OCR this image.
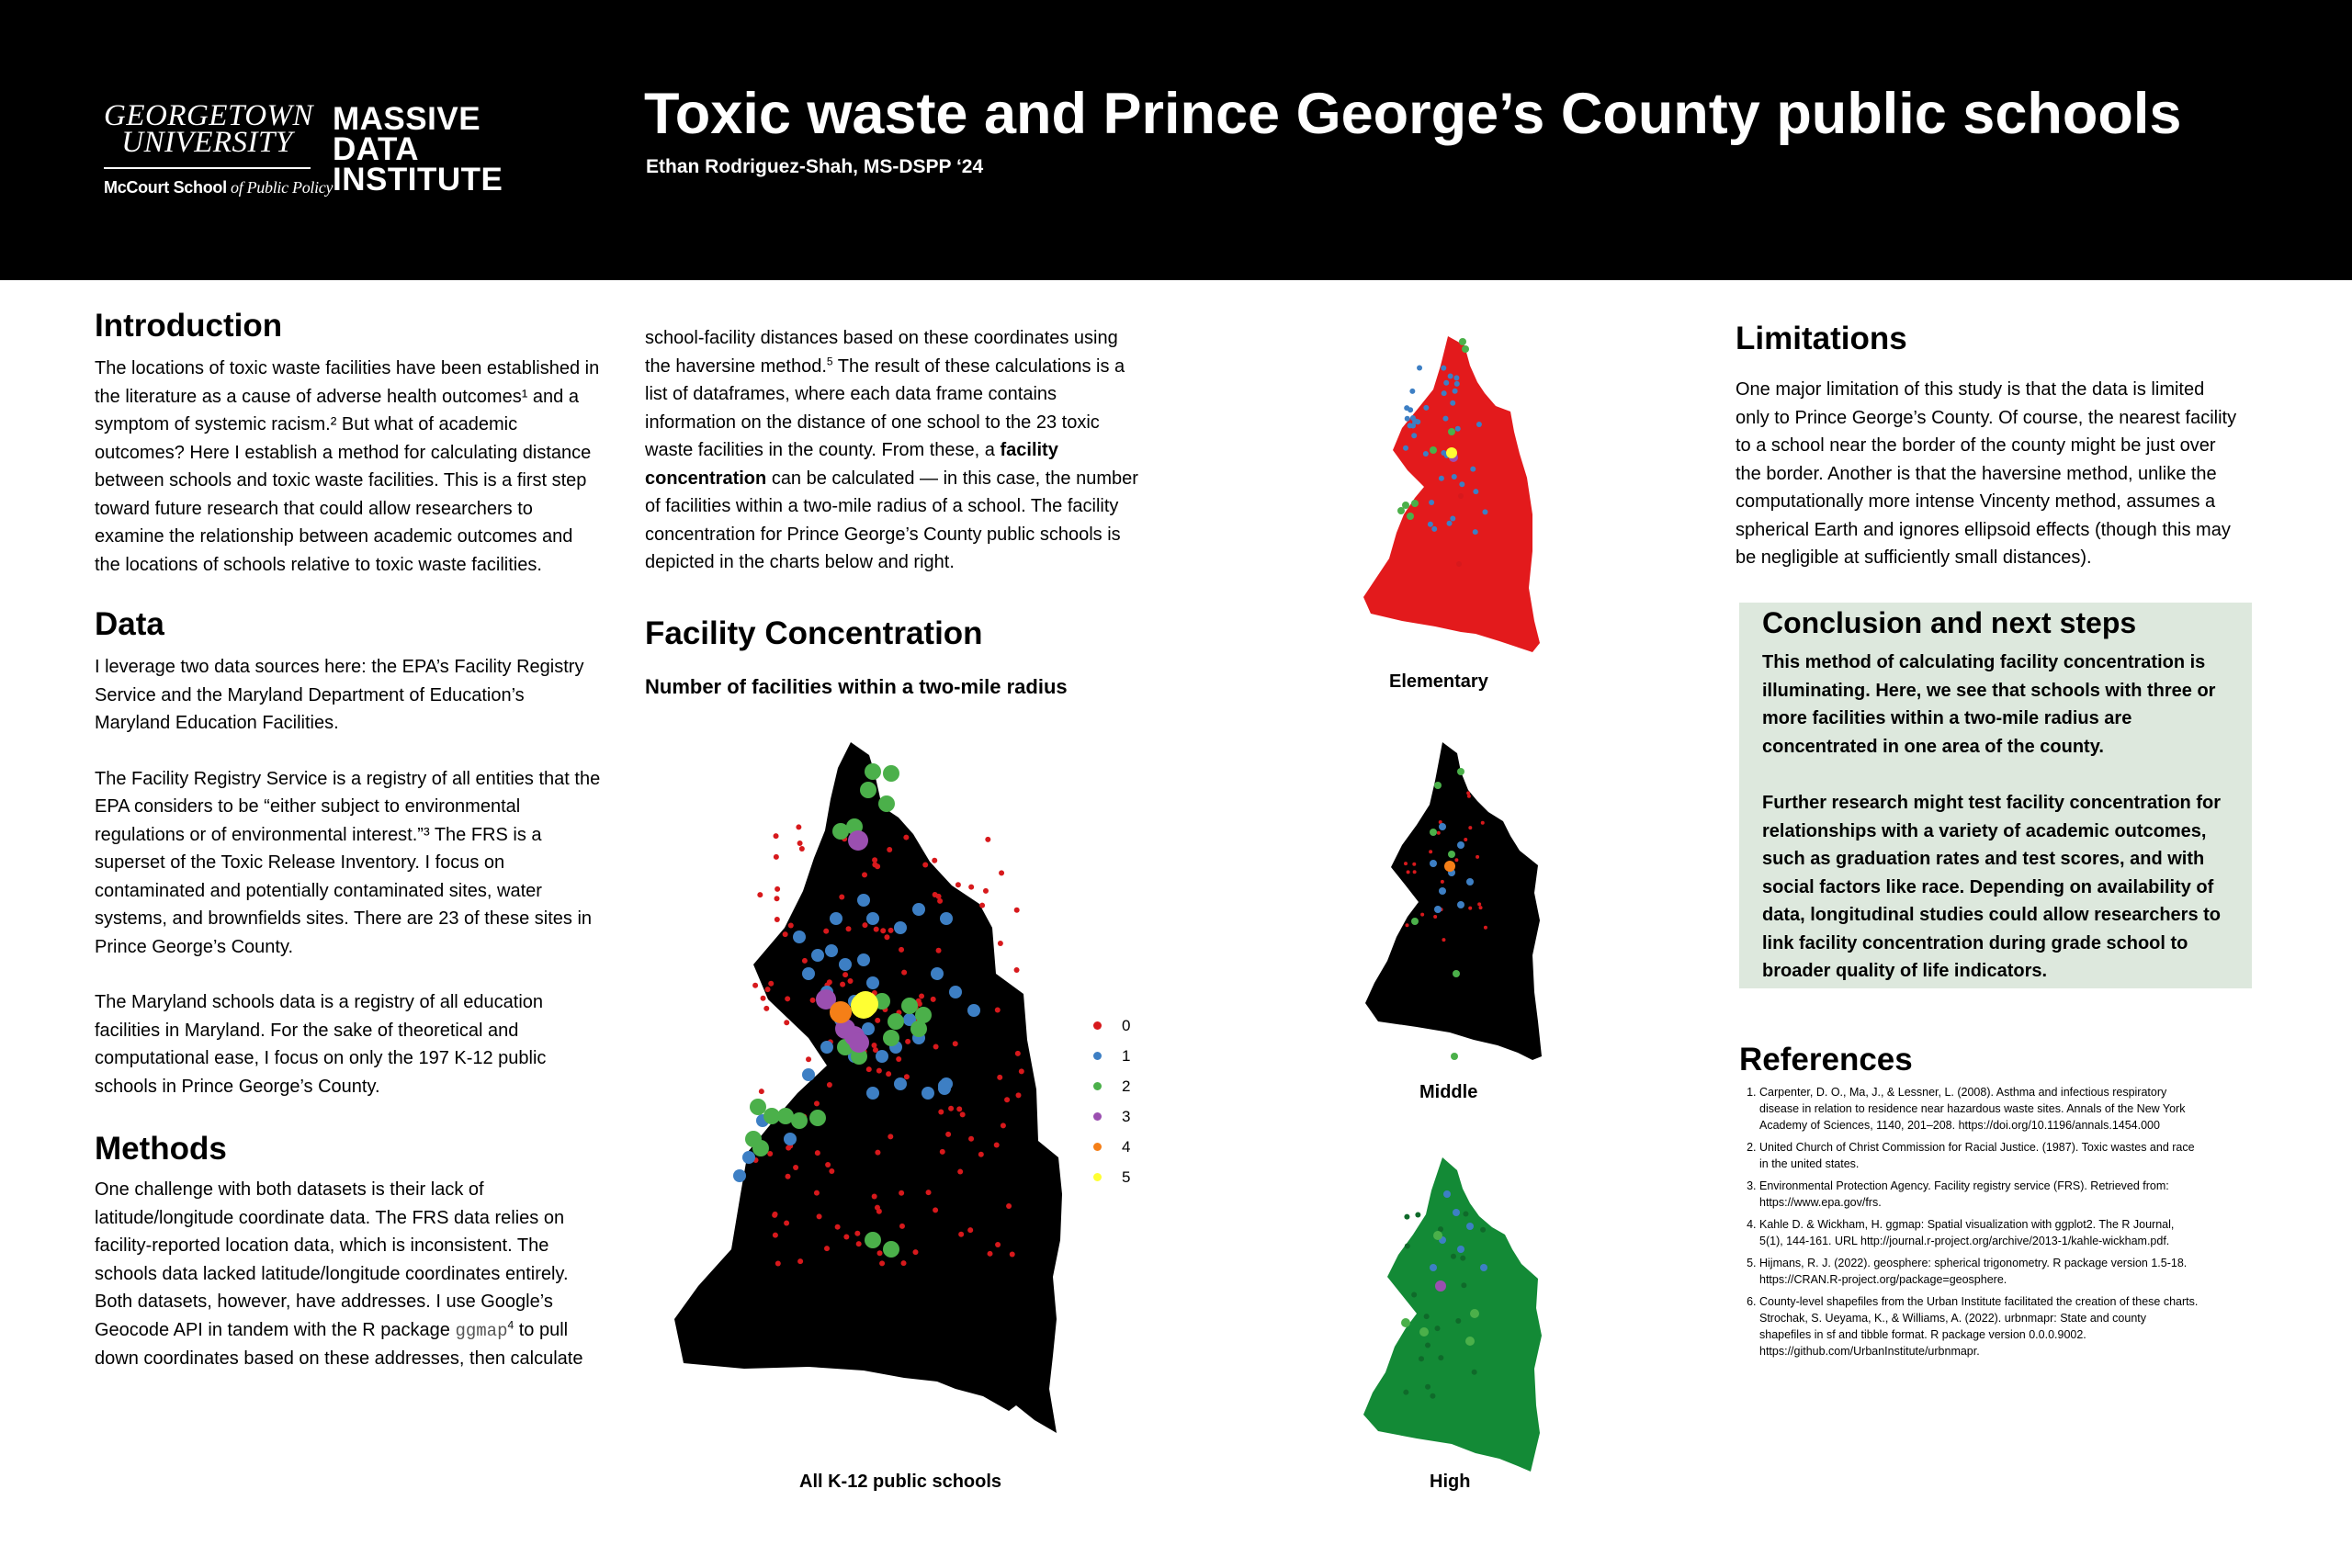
GEORGETOWN
UNIVERSITY
McCourt School of Public Policy
MASSIVE
DATA
INSTITUTE
Toxic waste and Prince George’s County public schools
Ethan Rodriguez-Shah, MS-DSPP ‘24
Introduction
The locations of toxic waste facilities have been established in
the literature as a cause of adverse health outcomes¹ and a
symptom of systemic racism.² But what of academic
outcomes? Here I establish a method for calculating distance
between schools and toxic waste facilities. This is a first step
toward future research that could allow researchers to
examine the relationship between academic outcomes and
the locations of schools relative to toxic waste facilities.
Data
I leverage two data sources here: the EPA’s Facility Registry
Service and the Maryland Department of Education’s
Maryland Education Facilities.
The Facility Registry Service is a registry of all entities that the
EPA considers to be “either subject to environmental
regulations or of environmental interest.”³ The FRS is a
superset of the Toxic Release Inventory. I focus on
contaminated and potentially contaminated sites, water
systems, and brownfields sites. There are 23 of these sites in
Prince George’s County.
The Maryland schools data is a registry of all education
facilities in Maryland. For the sake of theoretical and
computational ease, I focus on only the 197 K-12 public
schools in Prince George’s County.
Methods
One challenge with both datasets is their lack of
latitude/longitude coordinate data. The FRS data relies on
facility-reported location data, which is inconsistent. The
schools data lacked latitude/longitude coordinates entirely.
Both datasets, however, have addresses. I use Google’s
Geocode API in tandem with the R package ggmap$^4$ to pull
down coordinates based on these addresses, then calculate
school-facility distances based on these coordinates using
the haversine method.$^5$ The result of these calculations is a
list of dataframes, where each data frame contains
information on the distance of one school to the 23 toxic
waste facilities in the county. From these, a facility
concentration can be calculated — in this case, the number
of facilities within a two-mile radius of a school. The facility
concentration for Prince George’s County public schools is
depicted in the charts below and right.
Facility Concentration
Number of facilities within a two-mile radius
0
1
2
3
4
5
All K-12 public schools
Elementary
Middle
High
Limitations
One major limitation of this study is that the data is limited
only to Prince George’s County. Of course, the nearest facility
to a school near the border of the county might be just over
the border. Another is that the haversine method, unlike the
computationally more intense Vincenty method, assumes a
spherical Earth and ignores ellipsoid effects (though this may
be negligible at sufficiently small distances).
Conclusion and next steps
This method of calculating facility concentration is
illuminating. Here, we see that schools with three or
more facilities within a two-mile radius are
concentrated in one area of the county.
Further research might test facility concentration for
relationships with a variety of academic outcomes,
such as graduation rates and test scores, and with
social factors like race. Depending on availability of
data, longitudinal studies could allow researchers to
link facility concentration during grade school to
broader quality of life indicators.
References
1. Carpenter, D. O., Ma, J., & Lessner, L. (2008). Asthma and infectious respiratory
disease in relation to residence near hazardous waste sites. Annals of the New York
Academy of Sciences, 1140, 201–208. https://doi.org/10.1196/annals.1454.000
2. United Church of Christ Commission for Racial Justice. (1987). Toxic wastes and race
in the united states.
3. Environmental Protection Agency. Facility registry service (FRS). Retrieved from:
https://www.epa.gov/frs.
4. Kahle D. & Wickham, H. ggmap: Spatial visualization with ggplot2. The R Journal,
5(1), 144-161. URL http://journal.r-project.org/archive/2013-1/kahle-wickham.pdf.
5. Hijmans, R. J. (2022). geosphere: spherical trigonometry. R package version 1.5-18.
https://CRAN.R-project.org/package=geosphere.
6. County-level shapefiles from the Urban Institute facilitated the creation of these charts.
Strochak, S. Ueyama, K., & Williams, A. (2022). urbnmapr: State and county
shapefiles in sf and tibble format. R package version 0.0.0.9002.
https://github.com/UrbanInstitute/urbnmapr.
